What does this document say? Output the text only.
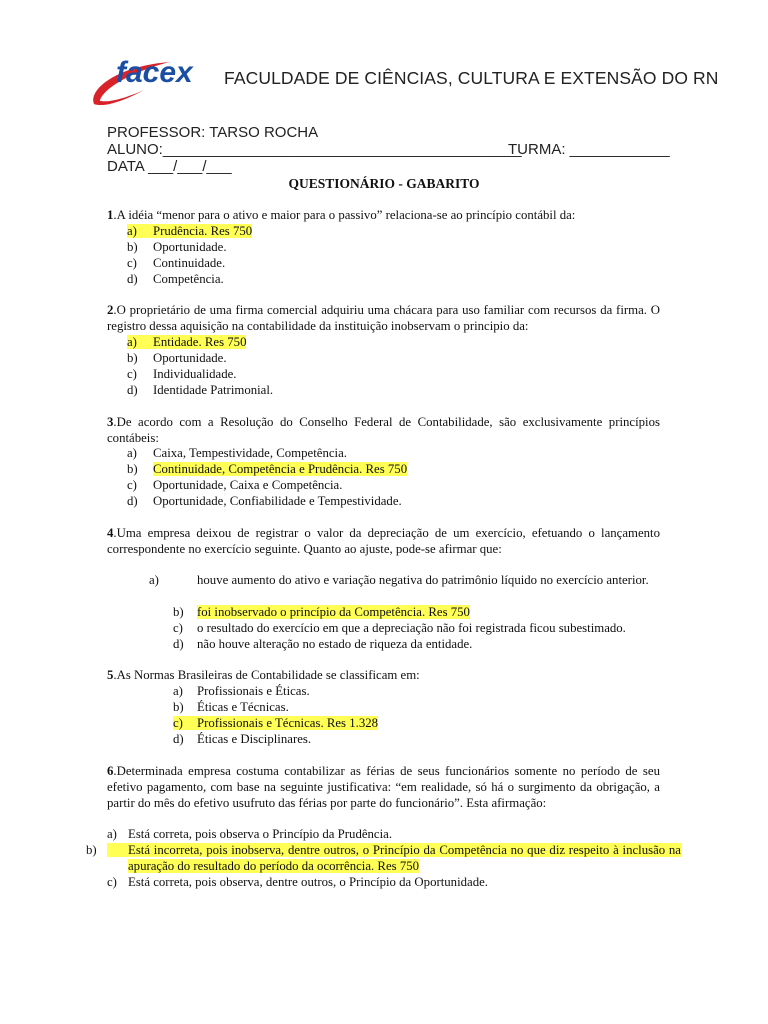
facex FACULDADE DE CIÊNCIAS, CULTURA E EXTENSÃO DO RN
PROFESSOR: TARSO ROCHA
ALUNO:___________________________________________
TURMA: ____________
DATA ___/___/___
QUESTIONÁRIO - GABARITO
1.A idéia “menor para o ativo e maior para o passivo” relaciona-se ao princípio contábil da:
a) Prudência. Res 750
b) Oportunidade.
c) Continuidade.
d) Competência.
2.O proprietário de uma firma comercial adquiriu uma chácara para uso familiar com recursos da firma. O registro dessa aquisição na contabilidade da instituição inobservam o principio da:
a) Entidade. Res 750
b) Oportunidade.
c) Individualidade.
d) Identidade Patrimonial.
3.De acordo com a Resolução do Conselho Federal de Contabilidade, são exclusivamente princípios contábeis:
a) Caixa, Tempestividade, Competência.
b) Continuidade, Competência e Prudência. Res 750
c) Oportunidade, Caixa e Competência.
d) Oportunidade, Confiabilidade e Tempestividade.
4.Uma empresa deixou de registrar o valor da depreciação de um exercício, efetuando o lançamento correspondente no exercício seguinte. Quanto ao ajuste, pode-se afirmar que:
a)	houve aumento do ativo e variação negativa do patrimônio líquido no exercício anterior.
b) foi inobservado o princípio da Competência. Res 750
c) o resultado do exercício em que a depreciação não foi registrada ficou subestimado.
d) não houve alteração no estado de riqueza da entidade.
5.As Normas Brasileiras de Contabilidade se classificam em:
a) Profissionais e Éticas.
b) Éticas e Técnicas.
c) Profissionais e Técnicas. Res 1.328
d) Éticas e Disciplinares.
6.Determinada empresa costuma contabilizar as férias de seus funcionários somente no período de seu efetivo pagamento, com base na seguinte justificativa: “em realidade, só há o surgimento da obrigação, a partir do mês do efetivo usufruto das férias por parte do funcionário”. Esta afirmação:
a) Está correta, pois observa o Princípio da Prudência.
b) Está incorreta, pois inobserva, dentre outros, o Princípio da Competência no que diz respeito à inclusão na apuração do resultado do período da ocorrência. Res 750
c) Está correta, pois observa, dentre outros, o Princípio da Oportunidade.
